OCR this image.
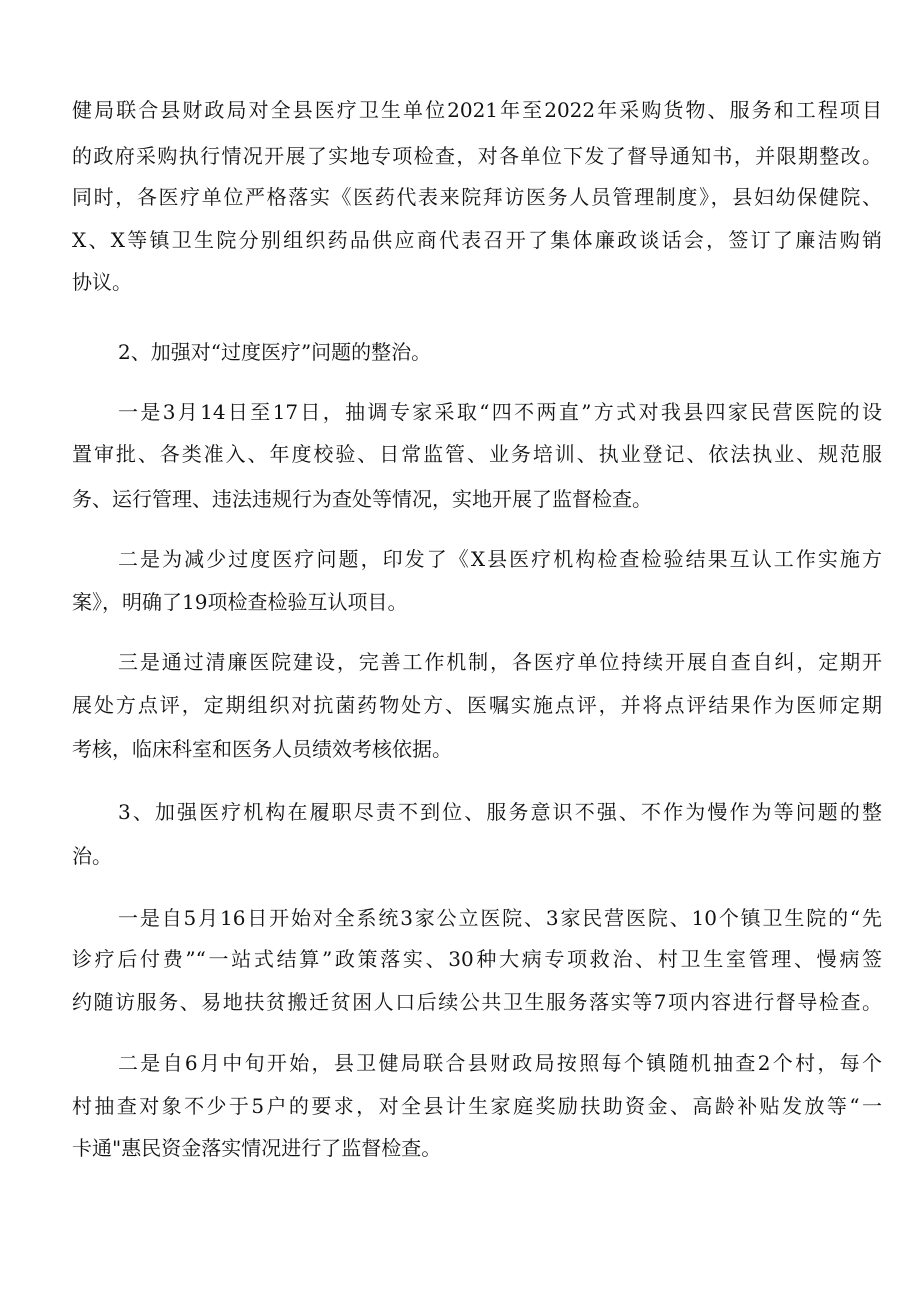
健局联合县财政局对全县医疗卫生单位2021年至2022年采购货物、服务和工程项目
的政府采购执行情况开展了实地专项检查，对各单位下发了督导通知书，并限期整改。
同时，各医疗单位严格落实《医药代表来院拜访医务人员管理制度》，县妇幼保健院、
X、X等镇卫生院分别组织药品供应商代表召开了集体廉政谈话会，签订了廉洁购销
协议。
2、加强对“过度医疗”问题的整治。
一是3月14日至17日，抽调专家采取“四不两直”方式对我县四家民营医院的设
置审批、各类准入、年度校验、日常监管、业务培训、执业登记、依法执业、规范服
务、运行管理、违法违规行为查处等情况，实地开展了监督检查。
二是为减少过度医疗问题，印发了《X县医疗机构检查检验结果互认工作实施方
案》，明确了19项检查检验互认项目。
三是通过清廉医院建设，完善工作机制，各医疗单位持续开展自查自纠，定期开
展处方点评，定期组织对抗菌药物处方、医嘱实施点评，并将点评结果作为医师定期
考核，临床科室和医务人员绩效考核依据。
3、加强医疗机构在履职尽责不到位、服务意识不强、不作为慢作为等问题的整
治。
一是自5月16日开始对全系统3家公立医院、3家民营医院、10个镇卫生院的“先
诊疗后付费”“一站式结算”政策落实、30种大病专项救治、村卫生室管理、慢病签
约随访服务、易地扶贫搬迁贫困人口后续公共卫生服务落实等7项内容进行督导检查。
二是自6月中旬开始，县卫健局联合县财政局按照每个镇随机抽查2个村，每个
村抽查对象不少于5户的要求，对全县计生家庭奖励扶助资金、高龄补贴发放等“一
卡通"惠民资金落实情况进行了监督检查。
